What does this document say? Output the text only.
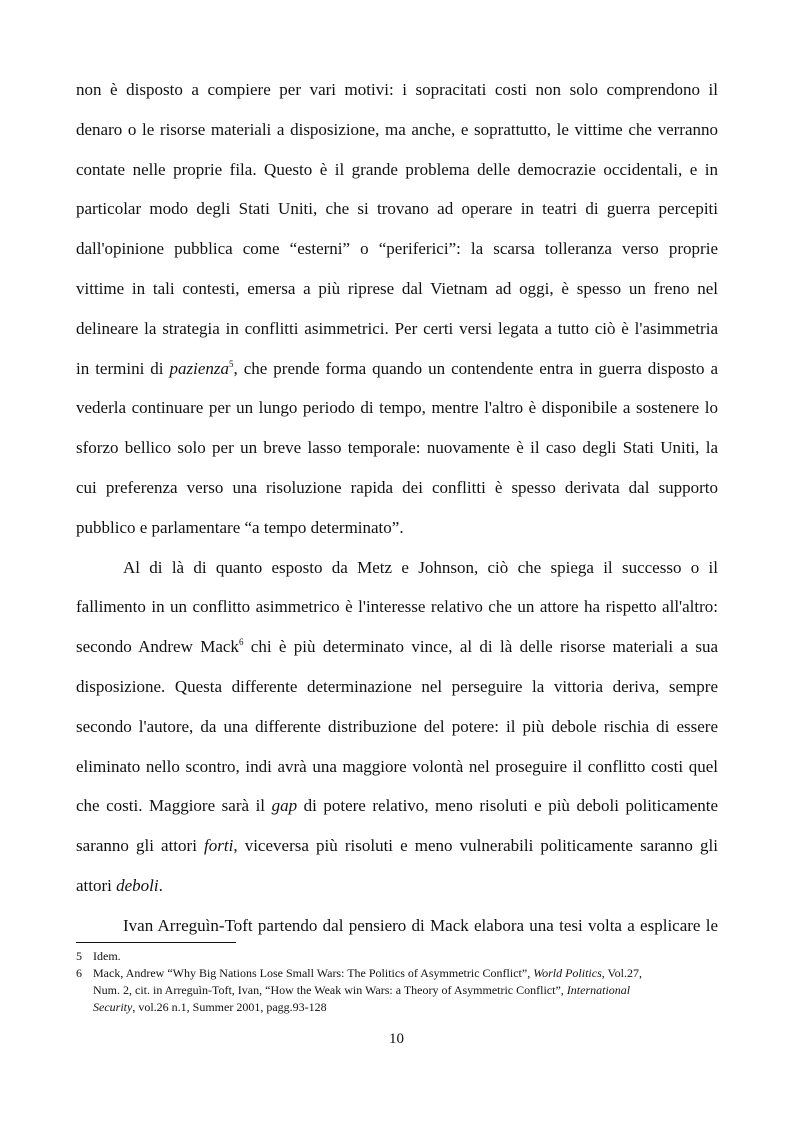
non è disposto a compiere per vari motivi: i sopracitati costi non solo comprendono il
denaro o le risorse materiali a disposizione, ma anche, e soprattutto, le vittime che verranno
contate nelle proprie fila. Questo è il grande problema delle democrazie occidentali, e in
particolar modo degli Stati Uniti, che si trovano ad operare in teatri di guerra percepiti
dall'opinione pubblica come “esterni” o “periferici”: la scarsa tolleranza verso proprie
vittime in tali contesti, emersa a più riprese dal Vietnam ad oggi, è spesso un freno nel
delineare la strategia in conflitti asimmetrici. Per certi versi legata a tutto ciò è l'asimmetria
in termini di pazienza$^5$, che prende forma quando un contendente entra in guerra disposto a
vederla continuare per un lungo periodo di tempo, mentre l'altro è disponibile a sostenere lo
sforzo bellico solo per un breve lasso temporale: nuovamente è il caso degli Stati Uniti, la
cui preferenza verso una risoluzione rapida dei conflitti è spesso derivata dal supporto
pubblico e parlamentare “a tempo determinato”.

Al di là di quanto esposto da Metz e Johnson, ciò che spiega il successo o il
fallimento in un conflitto asimmetrico è l'interesse relativo che un attore ha rispetto all'altro:
secondo Andrew Mack$^6$ chi è più determinato vince, al di là delle risorse materiali a sua
disposizione. Questa differente determinazione nel perseguire la vittoria deriva, sempre
secondo l'autore, da una differente distribuzione del potere: il più debole rischia di essere
eliminato nello scontro, indi avrà una maggiore volontà nel proseguire il conflitto costi quel
che costi. Maggiore sarà il gap di potere relativo, meno risoluti e più deboli politicamente
saranno gli attori forti, viceversa più risoluti e meno vulnerabili politicamente saranno gli
attori deboli.

Ivan Arreguìn-Toft partendo dal pensiero di Mack elabora una tesi volta a esplicare le

5 Idem.
6 Mack, Andrew “Why Big Nations Lose Small Wars: The Politics of Asymmetric Conflict”, World Politics, Vol.27,
Num. 2, cit. in Arreguìn-Toft, Ivan, “How the Weak win Wars: a Theory of Asymmetric Conflict”, International
Security, vol.26 n.1, Summer 2001, pagg.93-128
10
